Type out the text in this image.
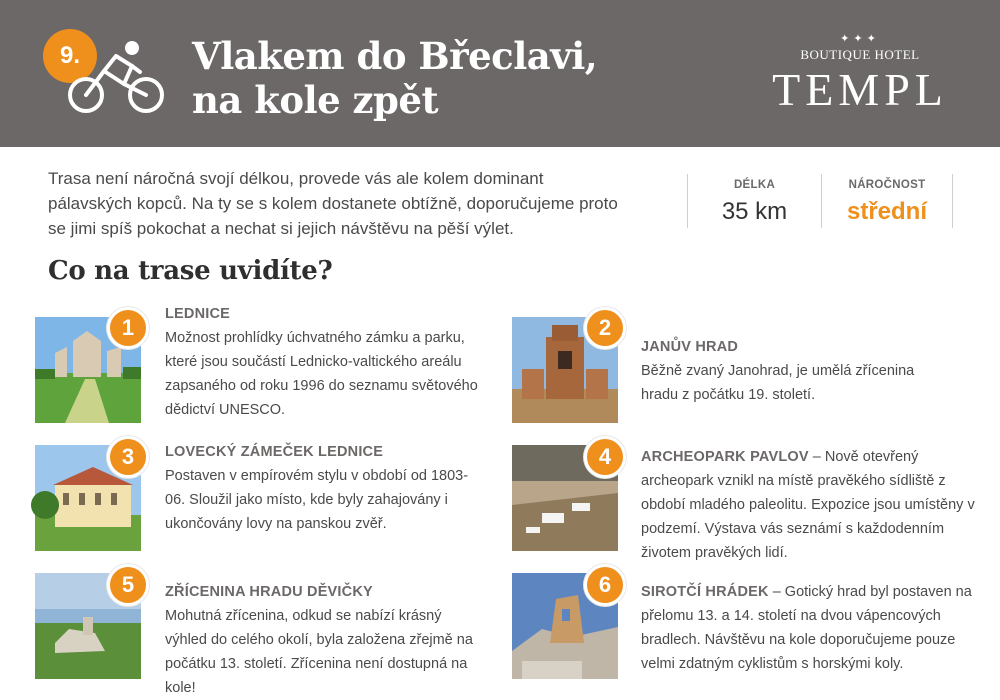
9.	Vlakem do Břeclavi,
na kole zpět
✦✦✦
BOUTIQUE HOTEL
TEMPL
Trasa není náročná svojí délkou, provede vás ale kolem dominant pálavských kopců. Na ty se s kolem dostanete obtížně, doporučujeme proto se jimi spíš pokochat a nechat si jejich návštěvu na pěší výlet.
DÉLKA
35 km
NÁROČNOST
střední
Co na trase uvidíte?
1
LEDNICE
Možnost prohlídky úchvatného zámku a parku, které jsou součástí Lednicko-valtického areálu zapsaného od roku 1996 do seznamu světového dědictví UNESCO.
2
JANŮV HRAD
Běžně zvaný Janohrad, je umělá zřícenina hradu z počátku 19. století.
3	LOVECKÝ ZÁMEČEK LEDNICE
Postaven v empírovém stylu v období od 1803-06. Sloužil jako místo, kde byly zahajovány i ukončovány lovy na panskou zvěř.
4	ARCHEOPARK PAVLOV – Nově otevřený archeopark vznikl na místě pravěkého sídliště z období mladého paleolitu. Expozice jsou umístěny v podzemí. Výstava vás seznámí s každodenním životem pravěkých lidí.
5	ZŘÍCENINA HRADU DĚVIČKY
Mohutná zřícenina, odkud se nabízí krásný výhled do celého okolí, byla založena zřejmě na počátku 13. století. Zřícenina není dostupná na kole!
6	SIROTČÍ HRÁDEK – Gotický hrad byl postaven na přelomu 13. a 14. století na dvou vápencových bradlech. Návštěvu na kole doporučujeme pouze velmi zdatným cyklistům s horskými koly.
